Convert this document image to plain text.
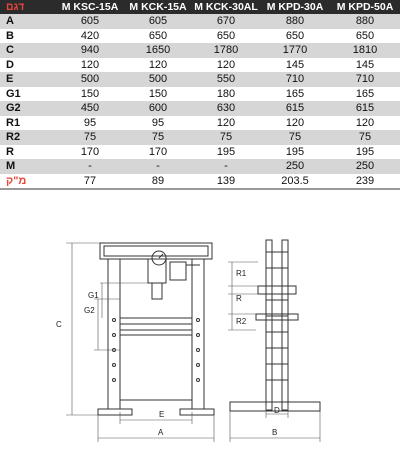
דגם	M KSC-15A	M KCK-15A	M KCK-30AL	M KPD-30A	M KPD-50A
A	605	605	670	880	880
B	420	650	650	650	650
C	940	1650	1780	1770	1810
D	120	120	120	145	145
E	500	500	550	710	710
G1	150	150	180	165	165
G2	450	600	630	615	615
R1	95	95	120	120	120
R2	75	75	75	75	75
R	170	170	195	195	195
M	-	-	-	250	250
מ"ק	77	89	139	203.5	239
C
G2
G1
E
A
R1
R
R2
D
B
